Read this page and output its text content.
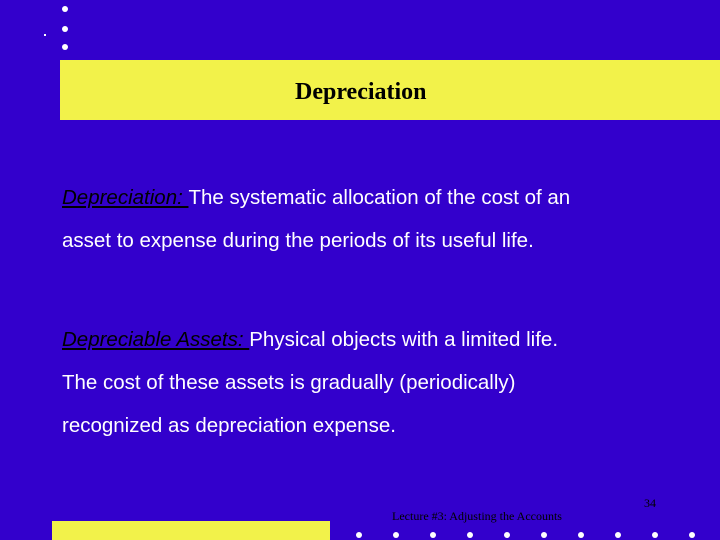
Depreciation
Depreciation: The systematic allocation of the cost of an
asset to expense during the periods of its useful life.
Depreciable Assets: Physical objects with a limited life.
The cost of these assets is gradually (periodically)
recognized as depreciation expense.
Lecture #3: Adjusting the Accounts
34
